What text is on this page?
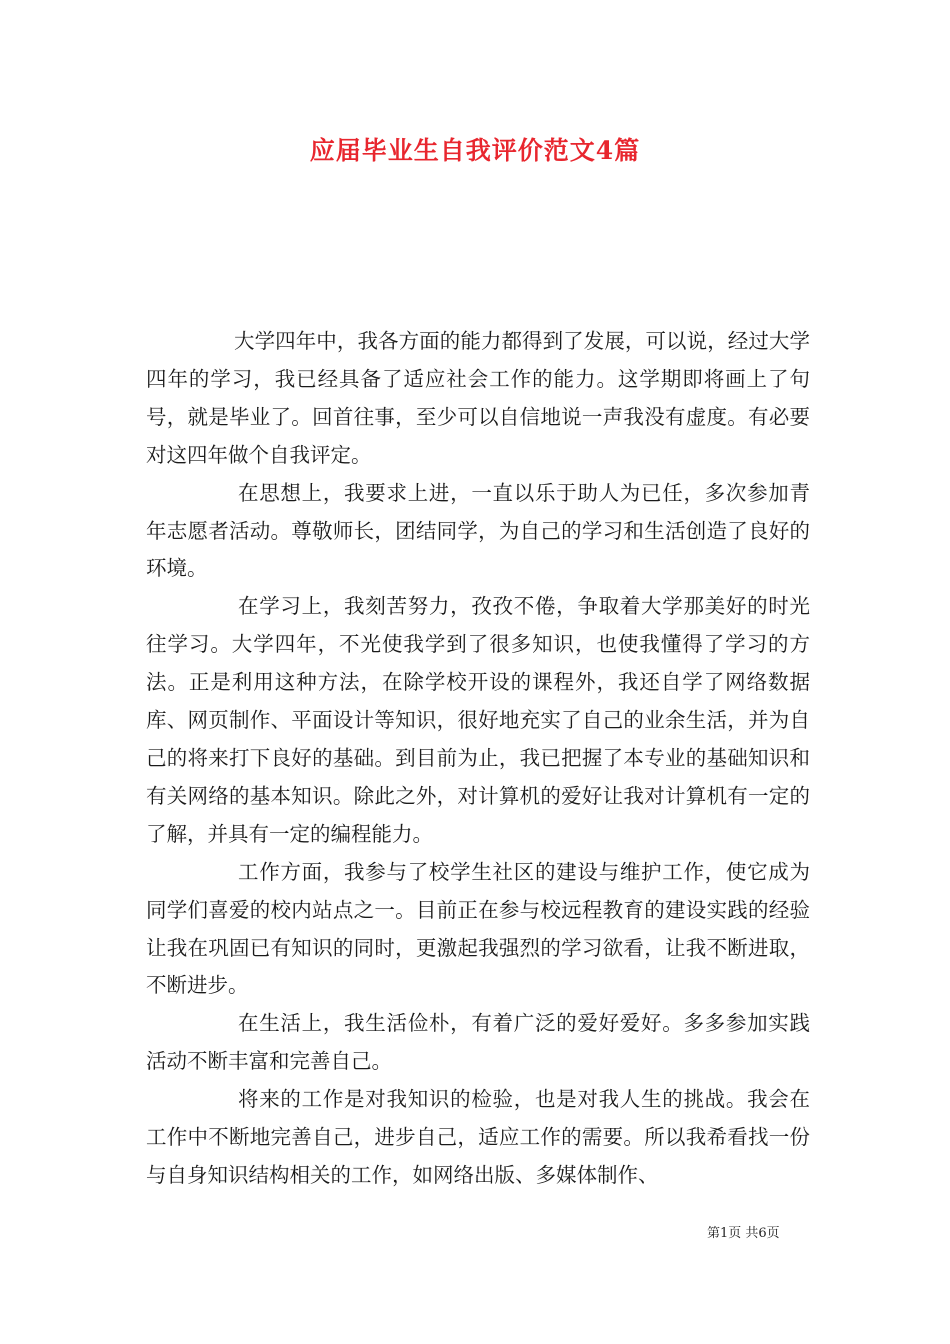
应届毕业生自我评价范文4篇

大学四年中，我各方面的能力都得到了发展，可以说，经过大学四年的学习，我已经具备了适应社会工作的能力。这学期即将画上了句号，就是毕业了。回首往事，至少可以自信地说一声我没有虚度。有必要对这四年做个自我评定。

在思想上，我要求上进，一直以乐于助人为已任，多次参加青年志愿者活动。尊敬师长，团结同学，为自己的学习和生活创造了良好的环境。

在学习上，我刻苦努力，孜孜不倦，争取着大学那美好的时光往学习。大学四年，不光使我学到了很多知识，也使我懂得了学习的方法。正是利用这种方法，在除学校开设的课程外，我还自学了网络数据库、网页制作、平面设计等知识，很好地充实了自己的业余生活，并为自己的将来打下良好的基础。到目前为止，我已把握了本专业的基础知识和有关网络的基本知识。除此之外，对计算机的爱好让我对计算机有一定的了解，并具有一定的编程能力。

工作方面，我参与了校学生社区的建设与维护工作，使它成为同学们喜爱的校内站点之一。目前正在参与校远程教育的建设实践的经验让我在巩固已有知识的同时，更激起我强烈的学习欲看，让我不断进取，不断进步。

在生活上，我生活俭朴，有着广泛的爱好爱好。多多参加实践活动不断丰富和完善自己。

将来的工作是对我知识的检验，也是对我人生的挑战。我会在工作中不断地完善自己，进步自己，适应工作的需要。所以我希看找一份与自身知识结构相关的工作，如网络出版、多媒体制作、

第1页 共6页
